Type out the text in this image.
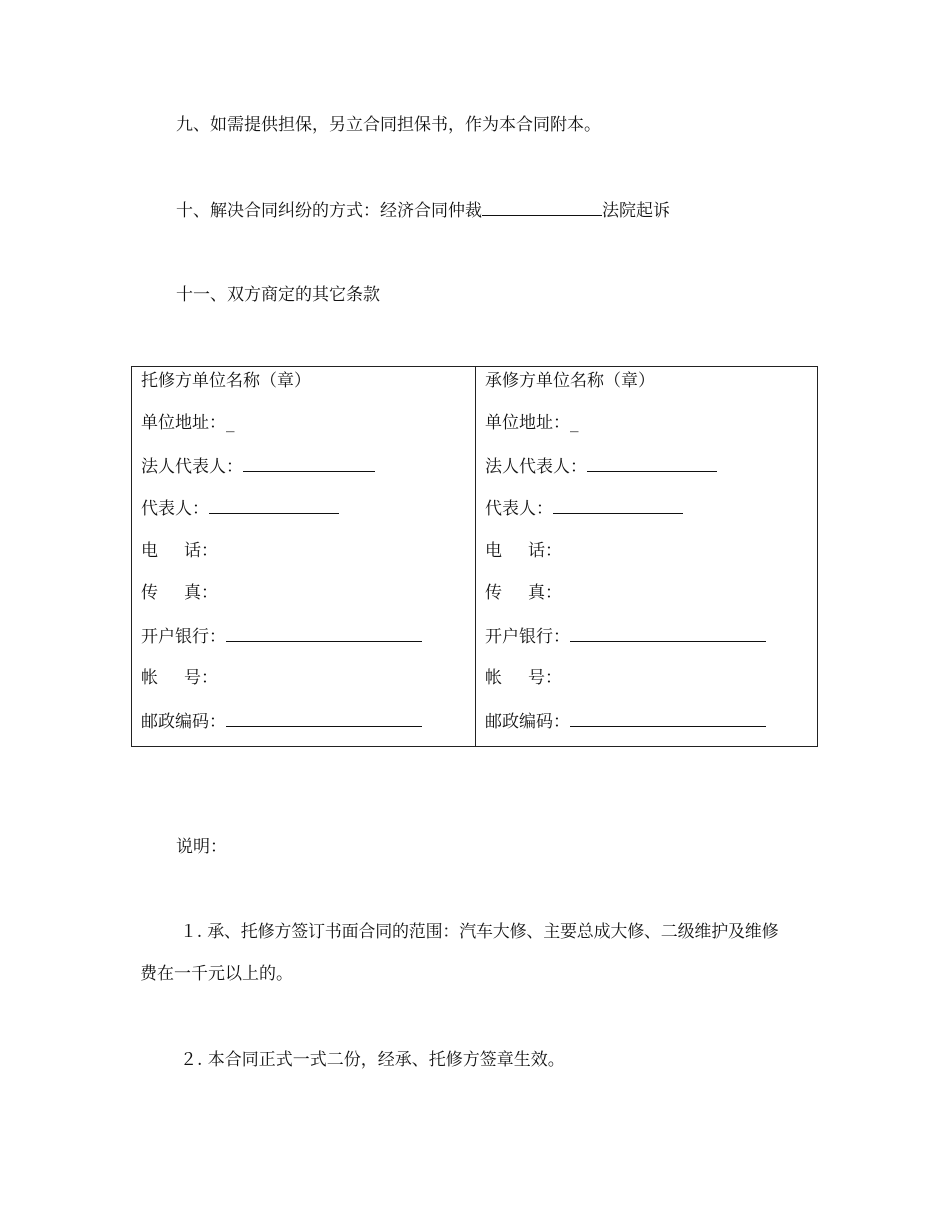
九、如需提供担保，另立合同担保书，作为本合同附本。
十、解决合同纠纷的方式：经济合同仲裁	法院起诉
十一、双方商定的其它条款
托修方单位名称（章）
单位地址：_
法人代表人：
代表人：
电 话：
传 真：
开户银行：
帐 号：
邮政编码：
承修方单位名称（章）
单位地址：_
法人代表人：
代表人：
电 话：
传 真：
开户银行：
帐 号：
邮政编码：
说明：
１. 承、托修方签订书面合同的范围：汽车大修、主要总成大修、二级维护及维修
费在一千元以上的。
２. 本合同正式一式二份，经承、托修方签章生效。
